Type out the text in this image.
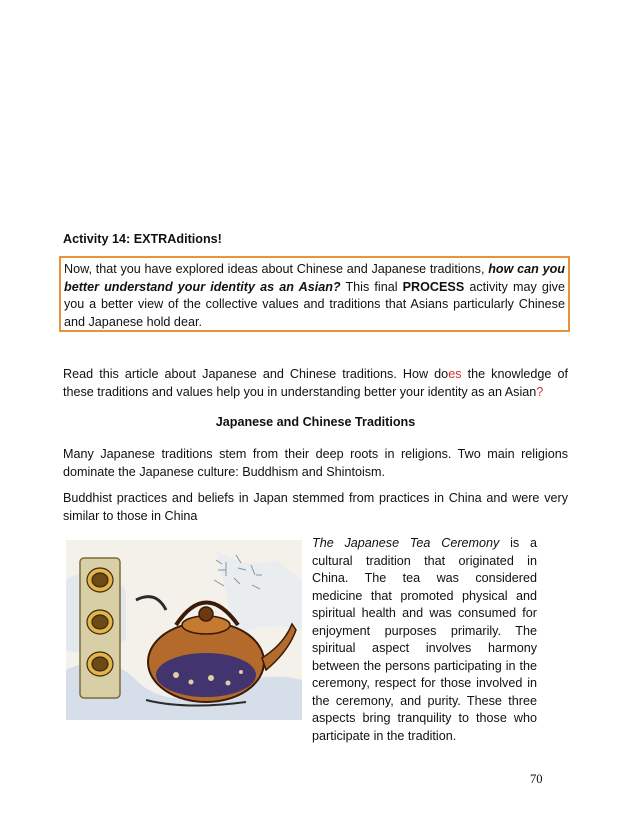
Activity 14: EXTRAditions!

Now, that you have explored ideas about Chinese and Japanese traditions, how can you better understand your identity as an Asian? This final PROCESS activity may give you a better view of the collective values and traditions that Asians particularly Chinese and Japanese hold dear.

Read this article about Japanese and Chinese traditions. How does the knowledge of these traditions and values help you in understanding better your identity as an Asian?

Japanese and Chinese Traditions

Many Japanese traditions stem from their deep roots in religions. Two main religions dominate the Japanese culture: Buddhism and Shintoism.

Buddhist practices and beliefs in Japan stemmed from practices in China and were very similar to those in China

The Japanese Tea Ceremony is a cultural tradition that originated in China. The tea was considered medicine that promoted physical and spiritual health and was consumed for enjoyment purposes primarily. The spiritual aspect involves harmony between the persons participating in the ceremony, respect for those involved in the ceremony, and purity. These three aspects bring tranquility to those who participate in the tradition.

70
